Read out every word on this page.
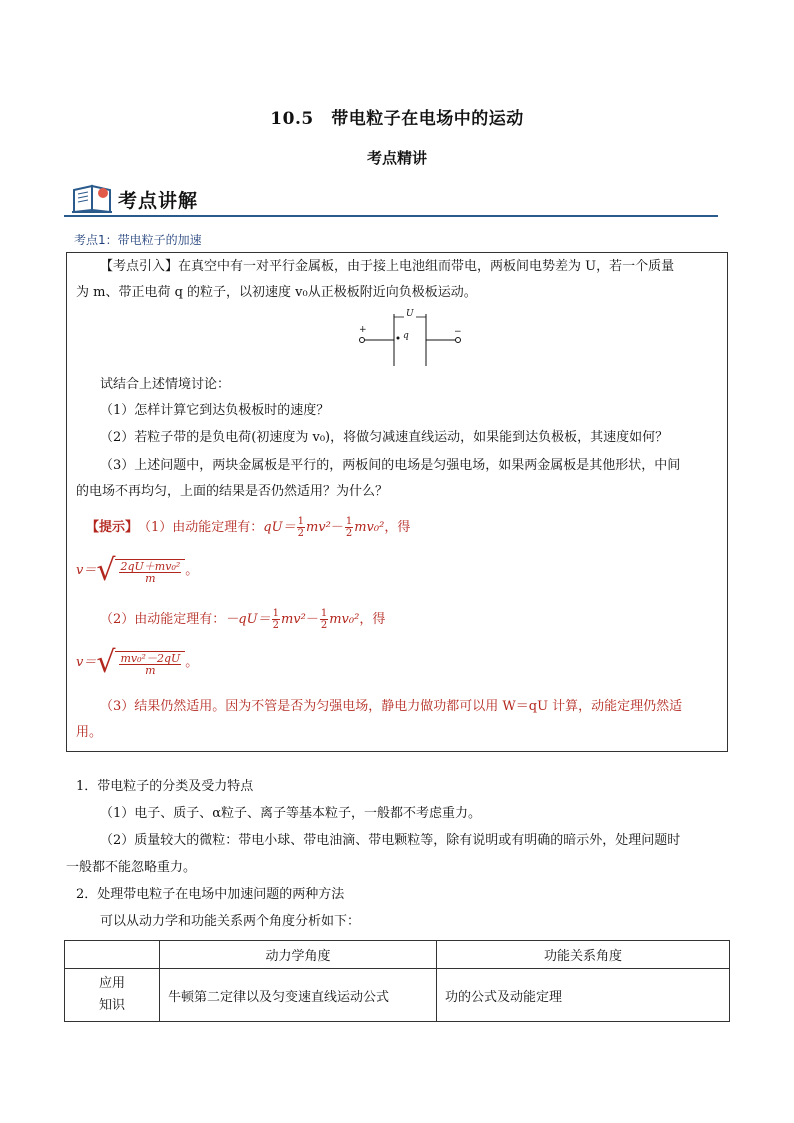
10.5　带电粒子在电场中的运动
考点精讲
考点讲解
考点1：带电粒子的加速
【考点引入】在真空中有一对平行金属板，由于接上电池组而带电，两板间电势差为 U，若一个质量
为 m、带正电荷 q 的粒子，以初速度 v₀从正极板附近向负极板运动。
U
q
+	−
试结合上述情境讨论：
（1）怎样计算它到达负极板时的速度？
（2）若粒子带的是负电荷(初速度为 v₀)，将做匀减速直线运动，如果能到达负极板，其速度如何？
（3）上述问题中，两块金属板是平行的，两板间的电场是匀强电场，如果两金属板是其他形状，中间
的电场不再均匀，上面的结果是否仍然适用？为什么？
【提示】 （1）由动能定理有： $qU= \frac{1}{2} mv^2 - \frac{1}{2} mv_0^2$ ，得
v＝ √ $\frac{\text{2qU＋mv₀²}}{m}$ 。
（2）由动能定理有： $-qU= \frac{1}{2} mv^2 - \frac{1}{2} mv_0^2$ ，得
v＝ √ $\frac{\text{mv₀²－2qU}}{m}$ 。
（3）结果仍然适用。因为不管是否为匀强电场，静电力做功都可以用 W＝qU 计算，动能定理仍然适
用。
1．带电粒子的分类及受力特点
（1）电子、质子、α粒子、离子等基本粒子，一般都不考虑重力。
（2）质量较大的微粒：带电小球、带电油滴、带电颗粒等，除有说明或有明确的暗示外，处理问题时
一般都不能忽略重力。
2．处理带电粒子在电场中加速问题的两种方法
可以从动力学和功能关系两个角度分析如下：
	动力学角度	功能关系角度

应用
知识	牛顿第二定律以及匀变速直线运动公式	功的公式及动能定理
